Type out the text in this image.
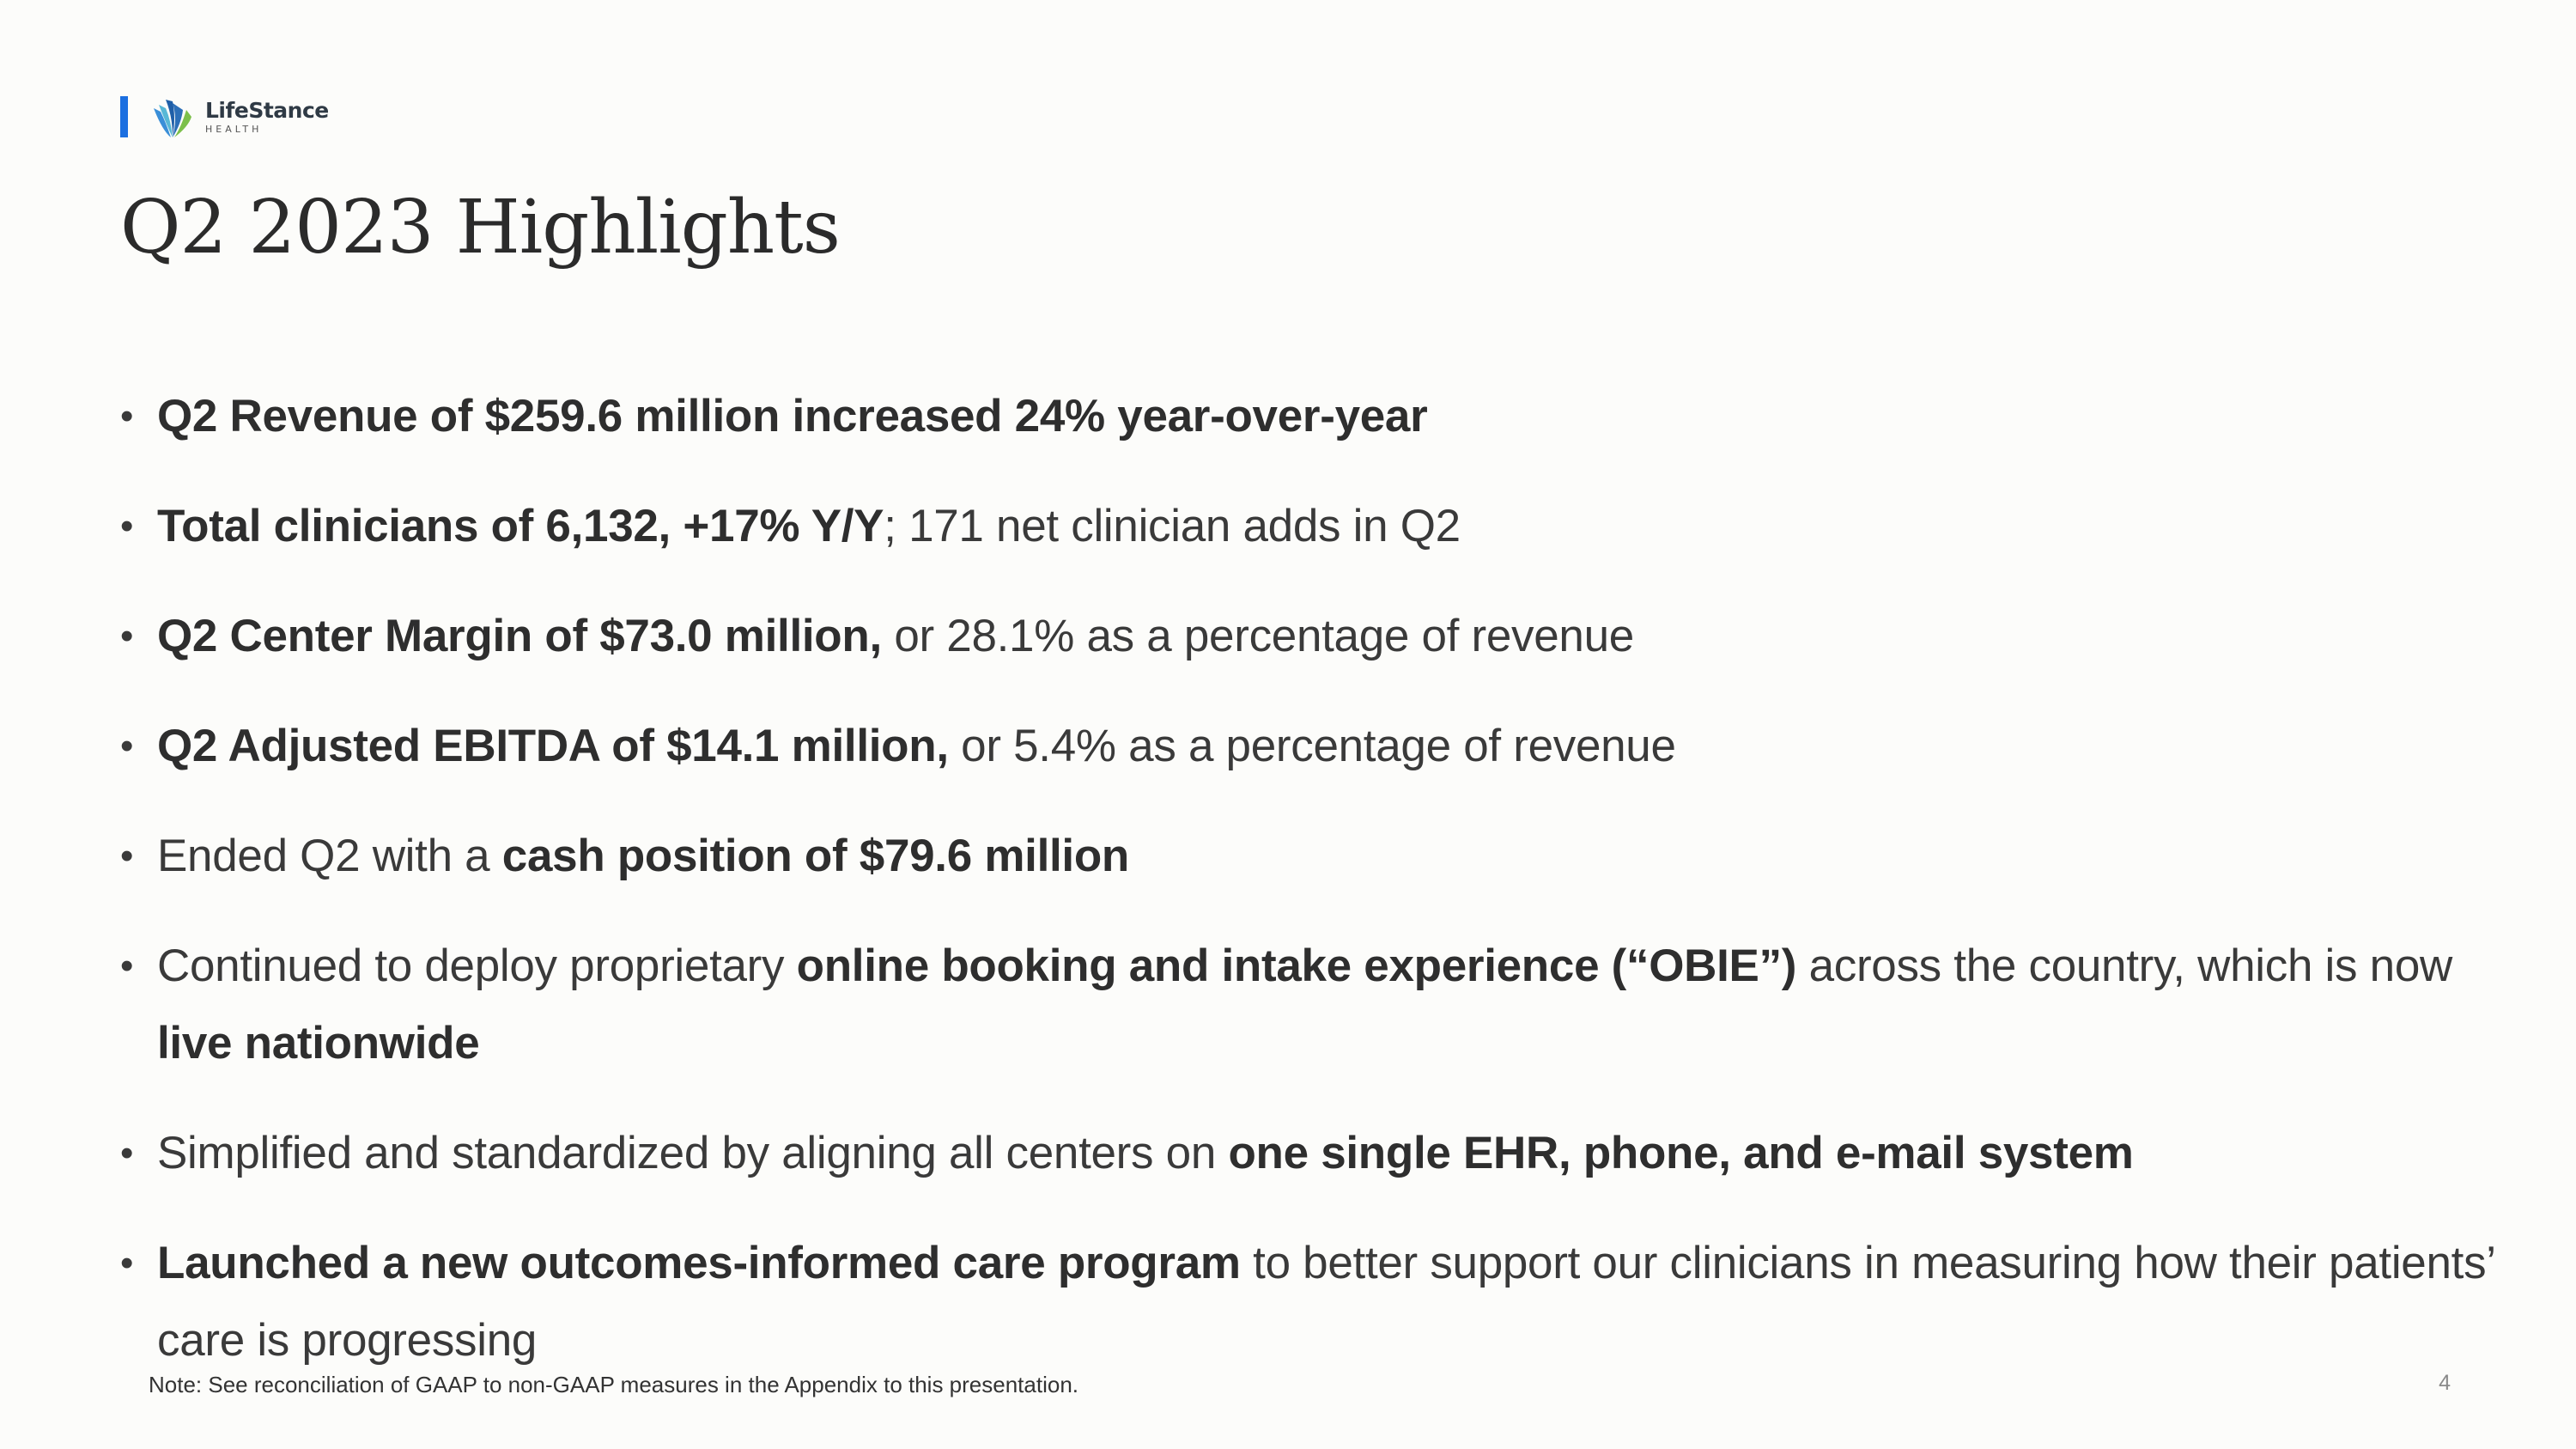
LifeStance
HEALTH
Q2 2023 Highlights
• Q2 Revenue of $259.6 million increased 24% year-over-year
• Total clinicians of 6,132, +17% Y/Y; 171 net clinician adds in Q2
• Q2 Center Margin of $73.0 million, or 28.1% as a percentage of revenue
• Q2 Adjusted EBITDA of $14.1 million, or 5.4% as a percentage of revenue
• Ended Q2 with a cash position of $79.6 million
• Continued to deploy proprietary online booking and intake experience (“OBIE”) across the country, which is now live nationwide
• Simplified and standardized by aligning all centers on one single EHR, phone, and e-mail system
• Launched a new outcomes-informed care program to better support our clinicians in measuring how their patients’ care is progressing
Note: See reconciliation of GAAP to non-GAAP measures in the Appendix to this presentation.	4
